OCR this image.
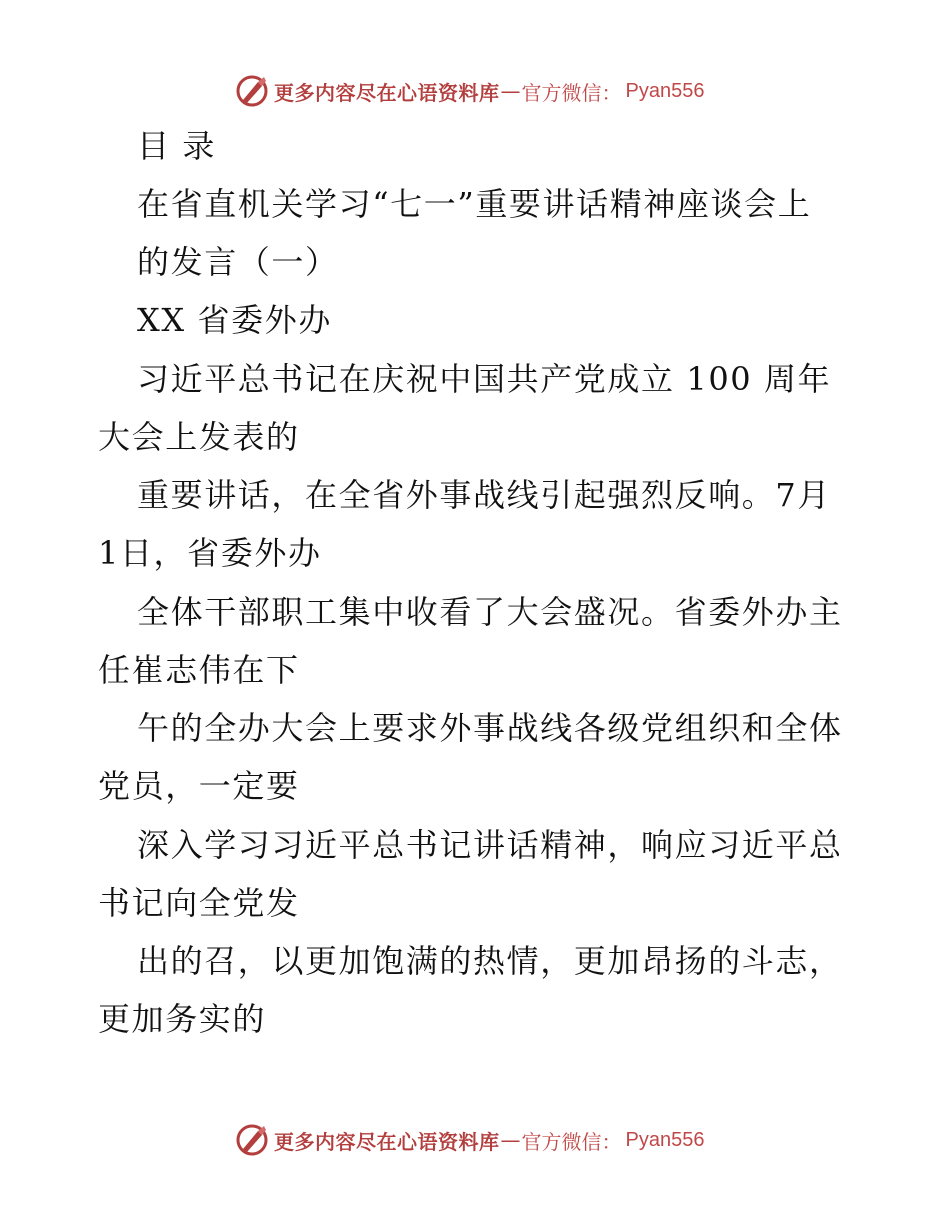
更多内容尽在心语资料库 — 官方微信： Pyan556
目 录
在省直机关学习“七一”重要讲话精神座谈会上
的发言（一）
XX 省委外办
习近平总书记在庆祝中国共产党成立 100 周年
大会上发表的
重要讲话，在全省外事战线引起强烈反响。7月
1日，省委外办
全体干部职工集中收看了大会盛况。省委外办主
任崔志伟在下
午的全办大会上要求外事战线各级党组织和全体
党员，一定要
深入学习习近平总书记讲话精神，响应习近平总
书记向全党发
出的召，以更加饱满的热情，更加昂扬的斗志，
更加务实的
更多内容尽在心语资料库 — 官方微信： Pyan556
